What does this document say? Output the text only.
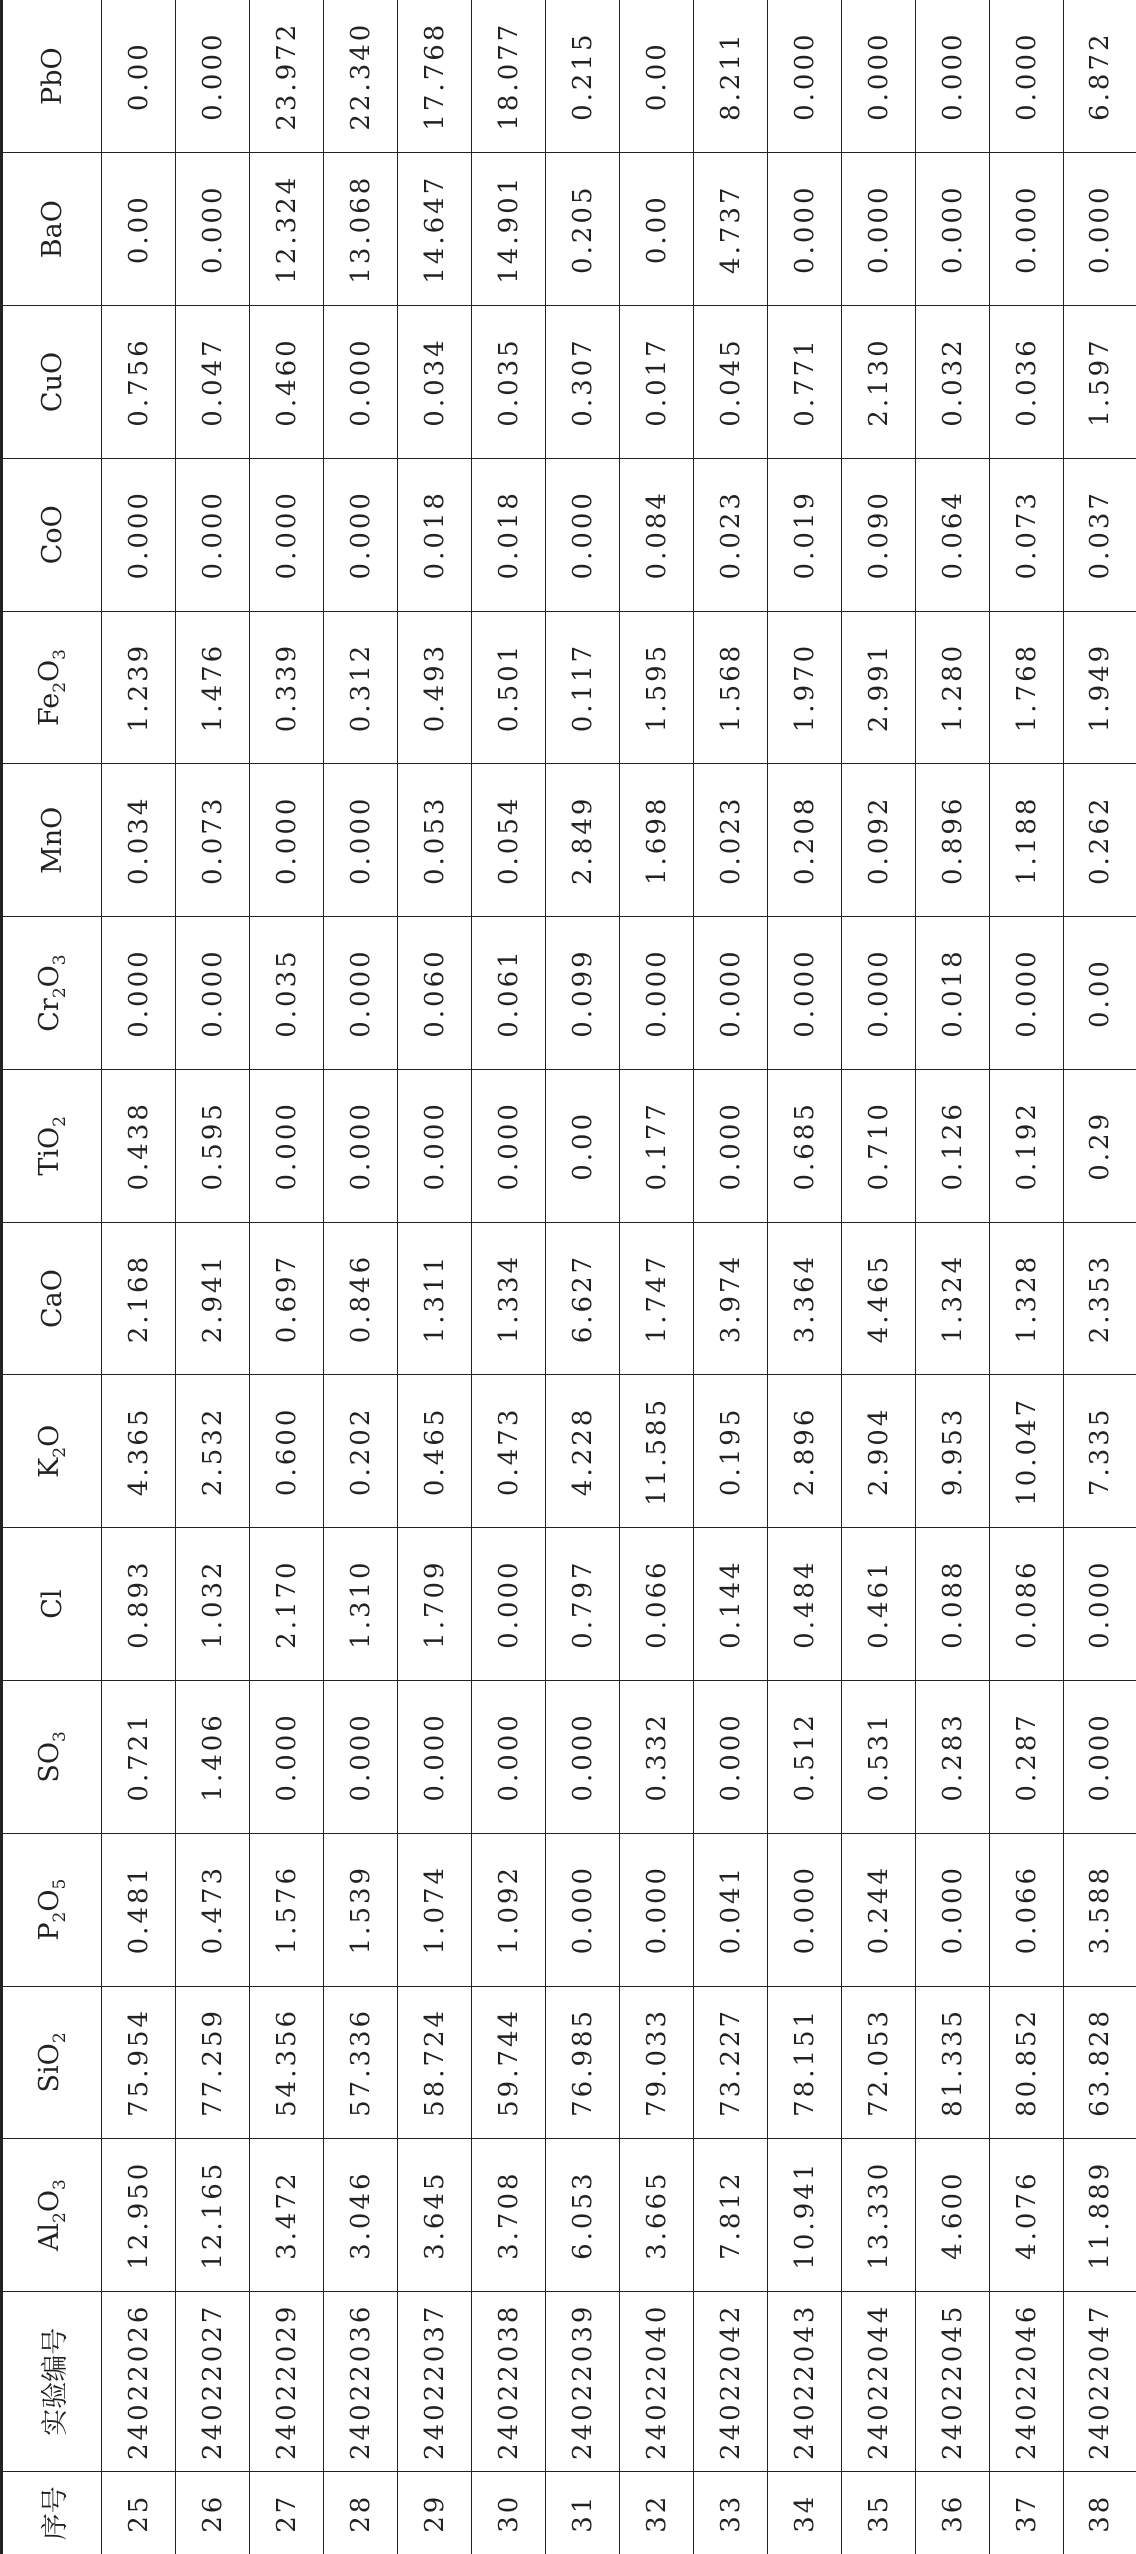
序号	实验编号	$Al_2O_3$	SiO$_2$	$P_2O_5$	$SO_3$	Cl	$K_2O$	CaO	TiO$_2$	$Cr_2O_3$	MnO	$Fe_2O_3$	CoO	CuO	BaO	PbO
25	24022026	12.950	75.954	0.481	0.721	0.893	4.365	2.168	0.438	0.000	0.034	1.239	0.000	0.756	0.00	0.00
26	24022027	12.165	77.259	0.473	1.406	1.032	2.532	2.941	0.595	0.000	0.073	1.476	0.000	0.047	0.000	0.000
27	24022029	3.472	54.356	1.576	0.000	2.170	0.600	0.697	0.000	0.035	0.000	0.339	0.000	0.460	12.324	23.972
28	24022036	3.046	57.336	1.539	0.000	1.310	0.202	0.846	0.000	0.000	0.000	0.312	0.000	0.000	13.068	22.340
29	24022037	3.645	58.724	1.074	0.000	1.709	0.465	1.311	0.000	0.060	0.053	0.493	0.018	0.034	14.647	17.768
30	24022038	3.708	59.744	1.092	0.000	0.000	0.473	1.334	0.000	0.061	0.054	0.501	0.018	0.035	14.901	18.077
31	24022039	6.053	76.985	0.000	0.000	0.797	4.228	6.627	0.00	0.099	2.849	0.117	0.000	0.307	0.205	0.215
32	24022040	3.665	79.033	0.000	0.332	0.066	11.585	1.747	0.177	0.000	1.698	1.595	0.084	0.017	0.00	0.00
33	24022042	7.812	73.227	0.041	0.000	0.144	0.195	3.974	0.000	0.000	0.023	1.568	0.023	0.045	4.737	8.211
34	24022043	10.941	78.151	0.000	0.512	0.484	2.896	3.364	0.685	0.000	0.208	1.970	0.019	0.771	0.000	0.000
35	24022044	13.330	72.053	0.244	0.531	0.461	2.904	4.465	0.710	0.000	0.092	2.991	0.090	2.130	0.000	0.000
36	24022045	4.600	81.335	0.000	0.283	0.088	9.953	1.324	0.126	0.018	0.896	1.280	0.064	0.032	0.000	0.000
37	24022046	4.076	80.852	0.066	0.287	0.086	10.047	1.328	0.192	0.000	1.188	1.768	0.073	0.036	0.000	0.000
38	24022047	11.889	63.828	3.588	0.000	0.000	7.335	2.353	0.29	0.00	0.262	1.949	0.037	1.597	0.000	6.872
